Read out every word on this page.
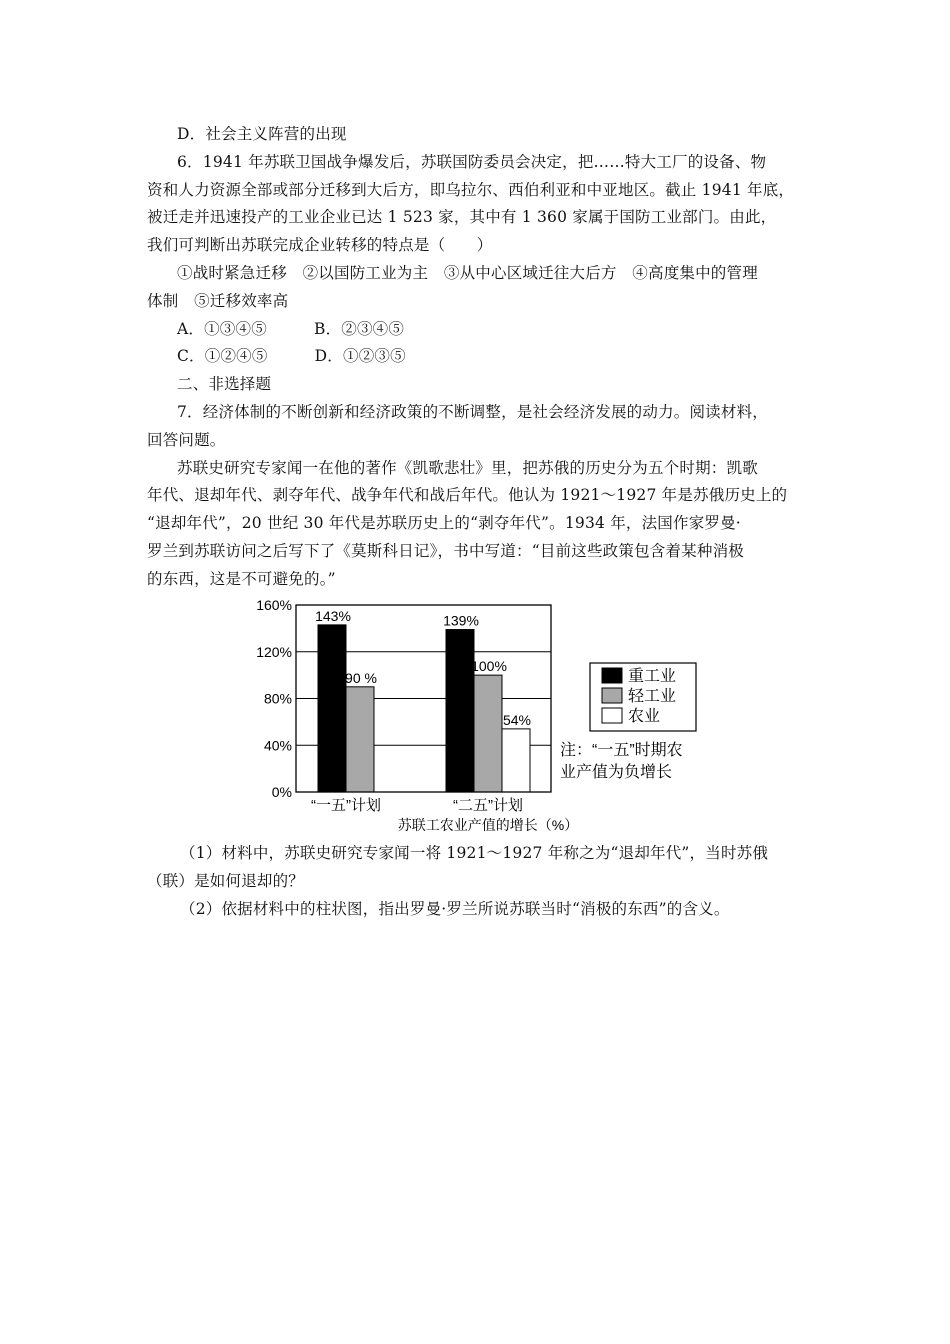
D．社会主义阵营的出现
6．1941 年苏联卫国战争爆发后，苏联国防委员会决定，把……特大工厂的设备、物
资和人力资源全部或部分迁移到大后方，即乌拉尔、西伯利亚和中亚地区。截止 1941 年底，
被迁走并迅速投产的工业企业已达 1 523 家，其中有 1 360 家属于国防工业部门。由此，
我们可判断出苏联完成企业转移的特点是（　　）
①战时紧急迁移　②以国防工业为主　③从中心区域迁往大后方　④高度集中的管理
体制　⑤迁移效率高
A．①③④⑤　　　B．②③④⑤
C．①②④⑤　　　D．①②③⑤
二、非选择题
7．经济体制的不断创新和经济政策的不断调整，是社会经济发展的动力。阅读材料，
回答问题。
苏联史研究专家闻一在他的著作《凯歌悲壮》里，把苏俄的历史分为五个时期：凯歌
年代、退却年代、剥夺年代、战争年代和战后年代。他认为 1921～1927 年是苏俄历史上的
“退却年代”，20 世纪 30 年代是苏联历史上的“剥夺年代”。1934 年，法国作家罗曼·
罗兰到苏联访问之后写下了《莫斯科日记》，书中写道：“目前这些政策包含着某种消极
的东西，这是不可避免的。”
143%	139%
90 %
100%
54%
0%
40%
80%
120%
160%
“一五”计划	“二五”计划
重工业
轻工业
农业
注：“一五”时期农
业产值为负增长
苏联工农业产值的增长（%）
（1）材料中，苏联史研究专家闻一将 1921～1927 年称之为“退却年代”，当时苏俄
（联）是如何退却的？
（2）依据材料中的柱状图，指出罗曼·罗兰所说苏联当时“消极的东西”的含义。
